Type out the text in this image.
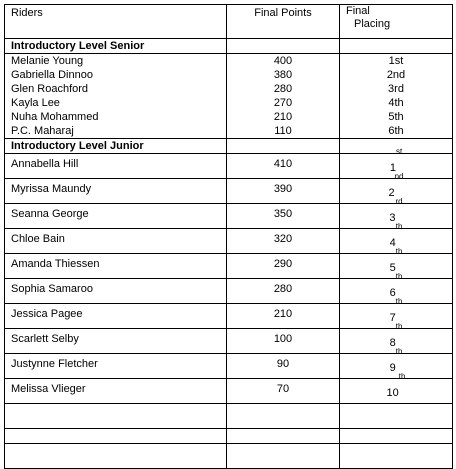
Riders	Final Points	Final
Placing

Introductory Level Senior		
Melanie Young	400	1st
Gabriella Dinnoo	380	2nd
Glen Roachford	280	3rd
Kayla Lee	270	4th
Nuha Mohammed	210	5th
P.C. Maharaj	110	6th
Introductory Level Junior		
Annabella Hill	410	1st
Myrissa Maundy	390	2nd
Seanna George	350	3rd
Chloe Bain	320	4th
Amanda Thiessen	290	5th
Sophia Samaroo	280	6th
Jessica Pagee	210	7th
Scarlett Selby	100	8th
Justynne Fletcher	90	9th
Melissa Vlieger	70	10th
